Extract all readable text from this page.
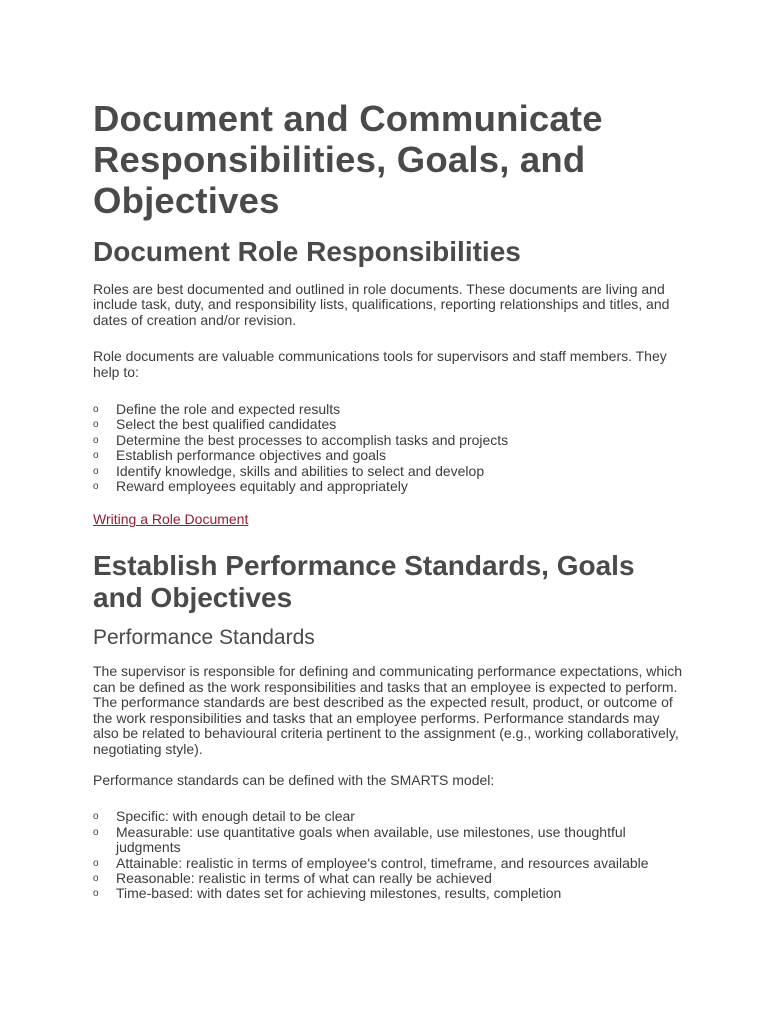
Document and Communicate Responsibilities, Goals, and Objectives
Document Role Responsibilities

Roles are best documented and outlined in role documents. These documents are living and include task, duty, and responsibility lists, qualifications, reporting relationships and titles, and dates of creation and/or revision.

Role documents are valuable communications tools for supervisors and staff members. They help to:

o Define the role and expected results
o Select the best qualified candidates
o Determine the best processes to accomplish tasks and projects
o Establish performance objectives and goals
o Identify knowledge, skills and abilities to select and develop
o Reward employees equitably and appropriately
Writing a Role Document
Establish Performance Standards, Goals and Objectives
Performance Standards

The supervisor is responsible for defining and communicating performance expectations, which can be defined as the work responsibilities and tasks that an employee is expected to perform. The performance standards are best described as the expected result, product, or outcome of the work responsibilities and tasks that an employee performs. Performance standards may also be related to behavioural criteria pertinent to the assignment (e.g., working collaboratively, negotiating style).

Performance standards can be defined with the SMARTS model:

o Specific: with enough detail to be clear
o Measurable: use quantitative goals when available, use milestones, use thoughtful judgments
o Attainable: realistic in terms of employee's control, timeframe, and resources available
o Reasonable: realistic in terms of what can really be achieved
o Time-based: with dates set for achieving milestones, results, completion
